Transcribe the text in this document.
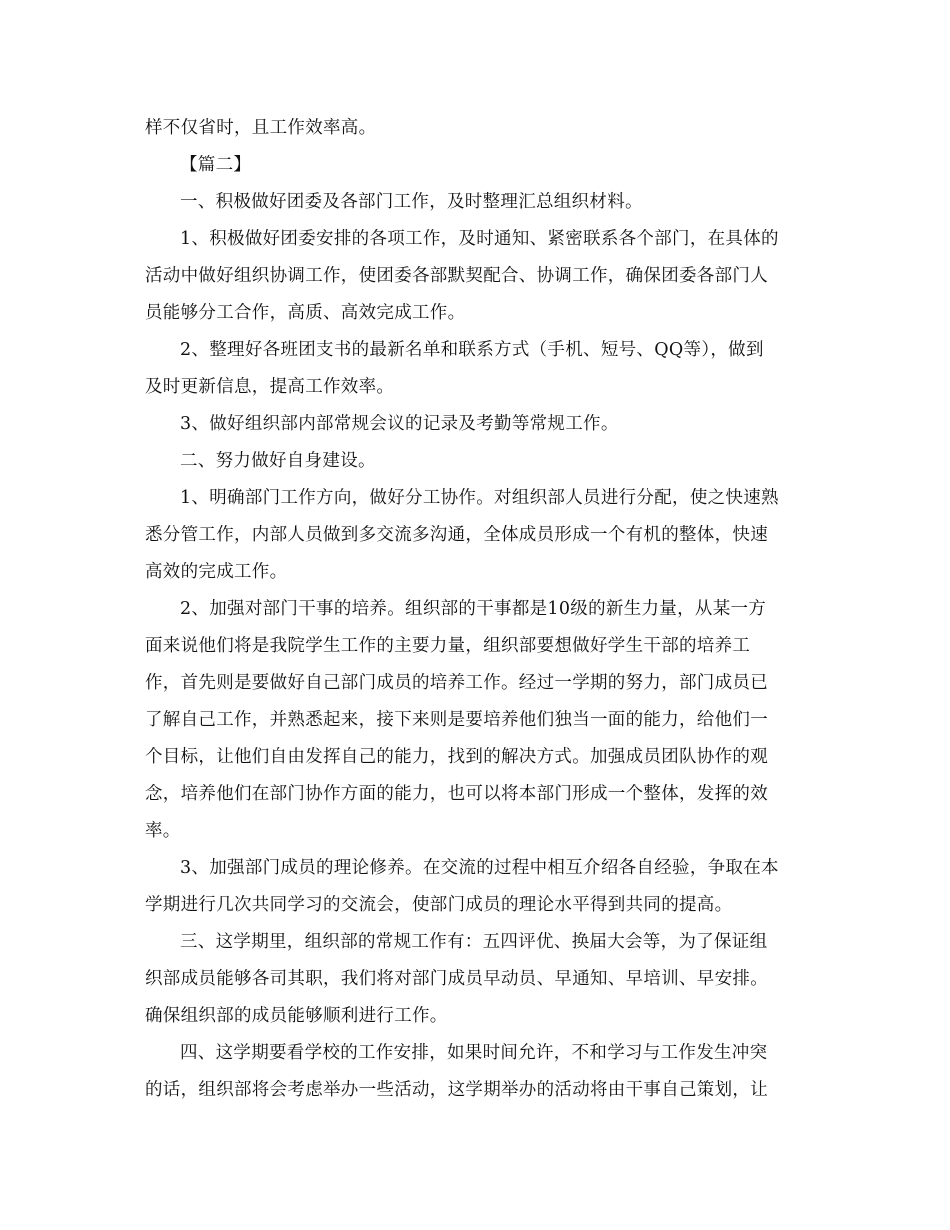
样不仅省时，且工作效率高。
【篇二】
一、积极做好团委及各部门工作，及时整理汇总组织材料。
1、积极做好团委安排的各项工作，及时通知、紧密联系各个部门，在具体的
活动中做好组织协调工作，使团委各部默契配合、协调工作，确保团委各部门人
员能够分工合作，高质、高效完成工作。
2、整理好各班团支书的最新名单和联系方式（手机、短号、QQ等），做到
及时更新信息，提高工作效率。
3、做好组织部内部常规会议的记录及考勤等常规工作。
二、努力做好自身建设。
1、明确部门工作方向，做好分工协作。对组织部人员进行分配，使之快速熟
悉分管工作，内部人员做到多交流多沟通，全体成员形成一个有机的整体，快速
高效的完成工作。
2、加强对部门干事的培养。组织部的干事都是10级的新生力量，从某一方
面来说他们将是我院学生工作的主要力量，组织部要想做好学生干部的培养工
作，首先则是要做好自己部门成员的培养工作。经过一学期的努力，部门成员已
了解自己工作，并熟悉起来，接下来则是要培养他们独当一面的能力，给他们一
个目标，让他们自由发挥自己的能力，找到的解决方式。加强成员团队协作的观
念，培养他们在部门协作方面的能力，也可以将本部门形成一个整体，发挥的效
率。
3、加强部门成员的理论修养。在交流的过程中相互介绍各自经验，争取在本
学期进行几次共同学习的交流会，使部门成员的理论水平得到共同的提高。
三、这学期里，组织部的常规工作有：五四评优、换届大会等，为了保证组
织部成员能够各司其职，我们将对部门成员早动员、早通知、早培训、早安排。
确保组织部的成员能够顺利进行工作。
四、这学期要看学校的工作安排，如果时间允许，不和学习与工作发生冲突
的话，组织部将会考虑举办一些活动，这学期举办的活动将由干事自己策划，让
